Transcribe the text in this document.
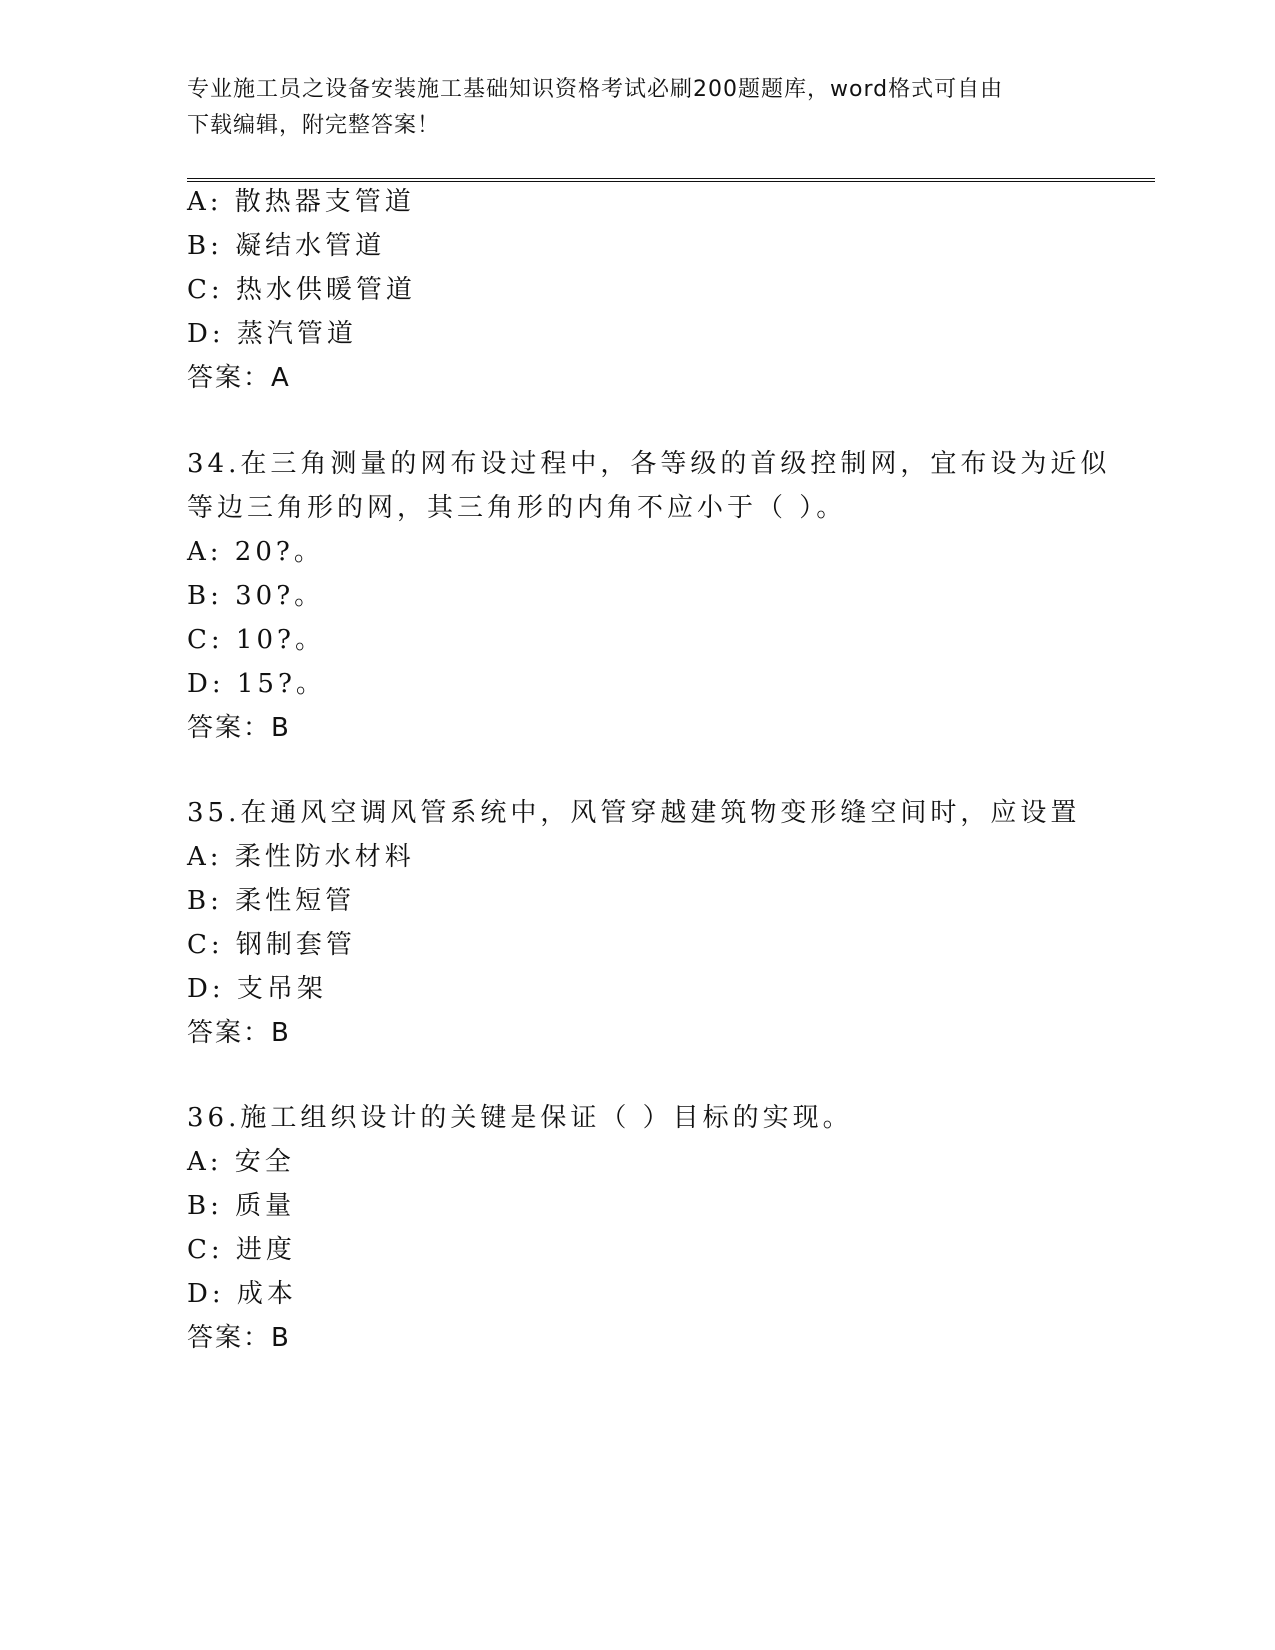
专业施工员之设备安装施工基础知识资格考试必刷200题题库，word格式可自由
下载编辑，附完整答案！
A: 散热器支管道
B: 凝结水管道
C: 热水供暖管道
D: 蒸汽管道
答案：A
34.在三角测量的网布设过程中，各等级的首级控制网，宜布设为近似
等边三角形的网，其三角形的内角不应小于（ ）。
A: 20?。
B: 30?。
C: 10?。
D: 15?。
答案：B
35.在通风空调风管系统中，风管穿越建筑物变形缝空间时，应设置
A: 柔性防水材料
B: 柔性短管
C: 钢制套管
D: 支吊架
答案：B
36.施工组织设计的关键是保证（ ）目标的实现。
A: 安全
B: 质量
C: 进度
D: 成本
答案：B
